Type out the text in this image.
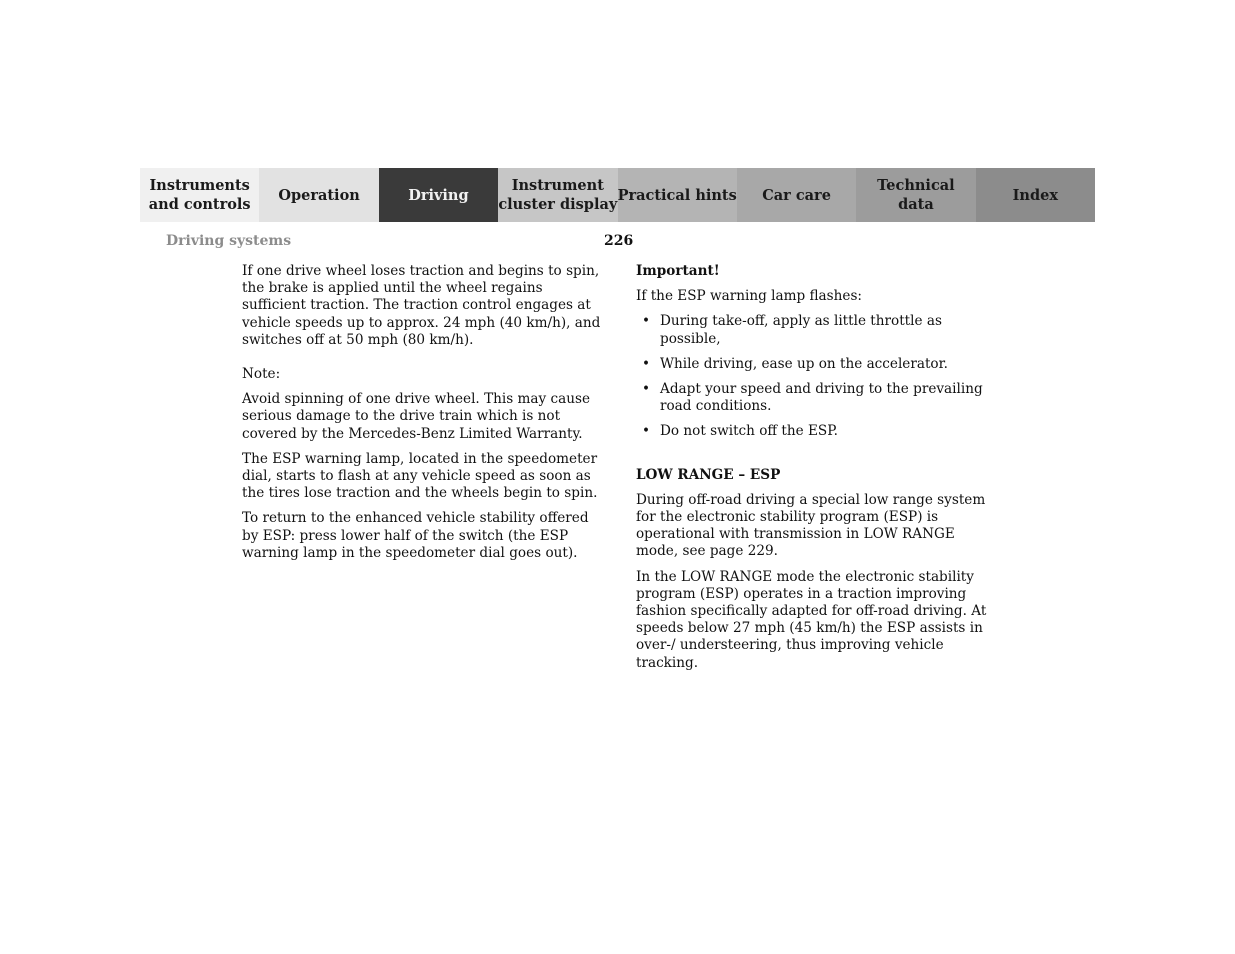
Instruments
and controls
Operation	Driving
Instrument
cluster display
Practical hints	Car care
Technical
data
Index
Driving systems	226

If one drive wheel loses traction and begins to spin, the brake is applied until the wheel regains sufficient traction. The traction control engages at vehicle speeds up to approx. 24 mph (40 km/h), and switches off at 50 mph (80 km/h).

Note:

Avoid spinning of one drive wheel. This may cause serious damage to the drive train which is not covered by the Mercedes-Benz Limited Warranty.

The ESP warning lamp, located in the speedometer dial, starts to flash at any vehicle speed as soon as the tires lose traction and the wheels begin to spin.

To return to the enhanced vehicle stability offered by ESP: press lower half of the switch (the ESP warning lamp in the speedometer dial goes out).

Important!

If the ESP warning lamp flashes:

• During take-off, apply as little throttle as possible,
• While driving, ease up on the accelerator.
• Adapt your speed and driving to the prevailing road conditions.
• Do not switch off the ESP.

LOW RANGE – ESP

During off-road driving a special low range system for the electronic stability program (ESP) is operational with transmission in LOW RANGE mode, see page 229.

In the LOW RANGE mode the electronic stability program (ESP) operates in a traction improving fashion specifically adapted for off-road driving. At speeds below 27 mph (45 km/h) the ESP assists in over-/ understeering, thus improving vehicle tracking.
